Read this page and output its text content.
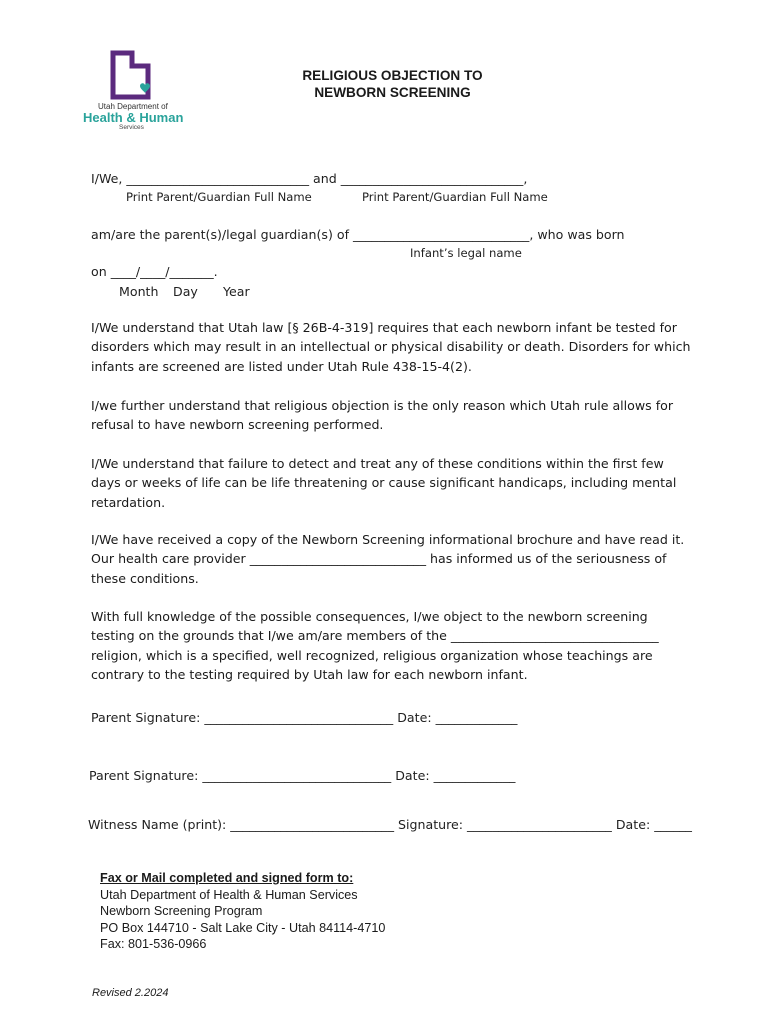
Utah Department of
Health & Human
Services
RELIGIOUS OBJECTION TO
NEWBORN SCREENING
I/We, _____________________________ and _____________________________,
Print Parent/Guardian Full Name	Print Parent/Guardian Full Name
am/are the parent(s)/legal guardian(s) of ____________________________, who was born
Infant’s legal name
on ____/____/_______.
Month Day Year
I/We understand that Utah law [§ 26B-4-319] requires that each newborn infant be tested for
disorders which may result in an intellectual or physical disability or death. Disorders for which
infants are screened are listed under Utah Rule 438-15-4(2).
I/we further understand that religious objection is the only reason which Utah rule allows for
refusal to have newborn screening performed.
I/We understand that failure to detect and treat any of these conditions within the first few
days or weeks of life can be life threatening or cause significant handicaps, including mental
retardation.
I/We have received a copy of the Newborn Screening informational brochure and have read it.
Our health care provider ____________________________ has informed us of the seriousness of
these conditions.
With full knowledge of the possible consequences, I/we object to the newborn screening
testing on the grounds that I/we am/are members of the _________________________________
religion, which is a specified, well recognized, religious organization whose teachings are
contrary to the testing required by Utah law for each newborn infant.
Parent Signature: ______________________________ Date: _____________
Parent Signature: ______________________________ Date: _____________
Witness Name (print): __________________________ Signature: _______________________ Date: ______
Fax or Mail completed and signed form to:
Utah Department of Health & Human Services
Newborn Screening Program
PO Box 144710 - Salt Lake City - Utah 84114-4710
Fax: 801-536-0966
Revised 2.2024
